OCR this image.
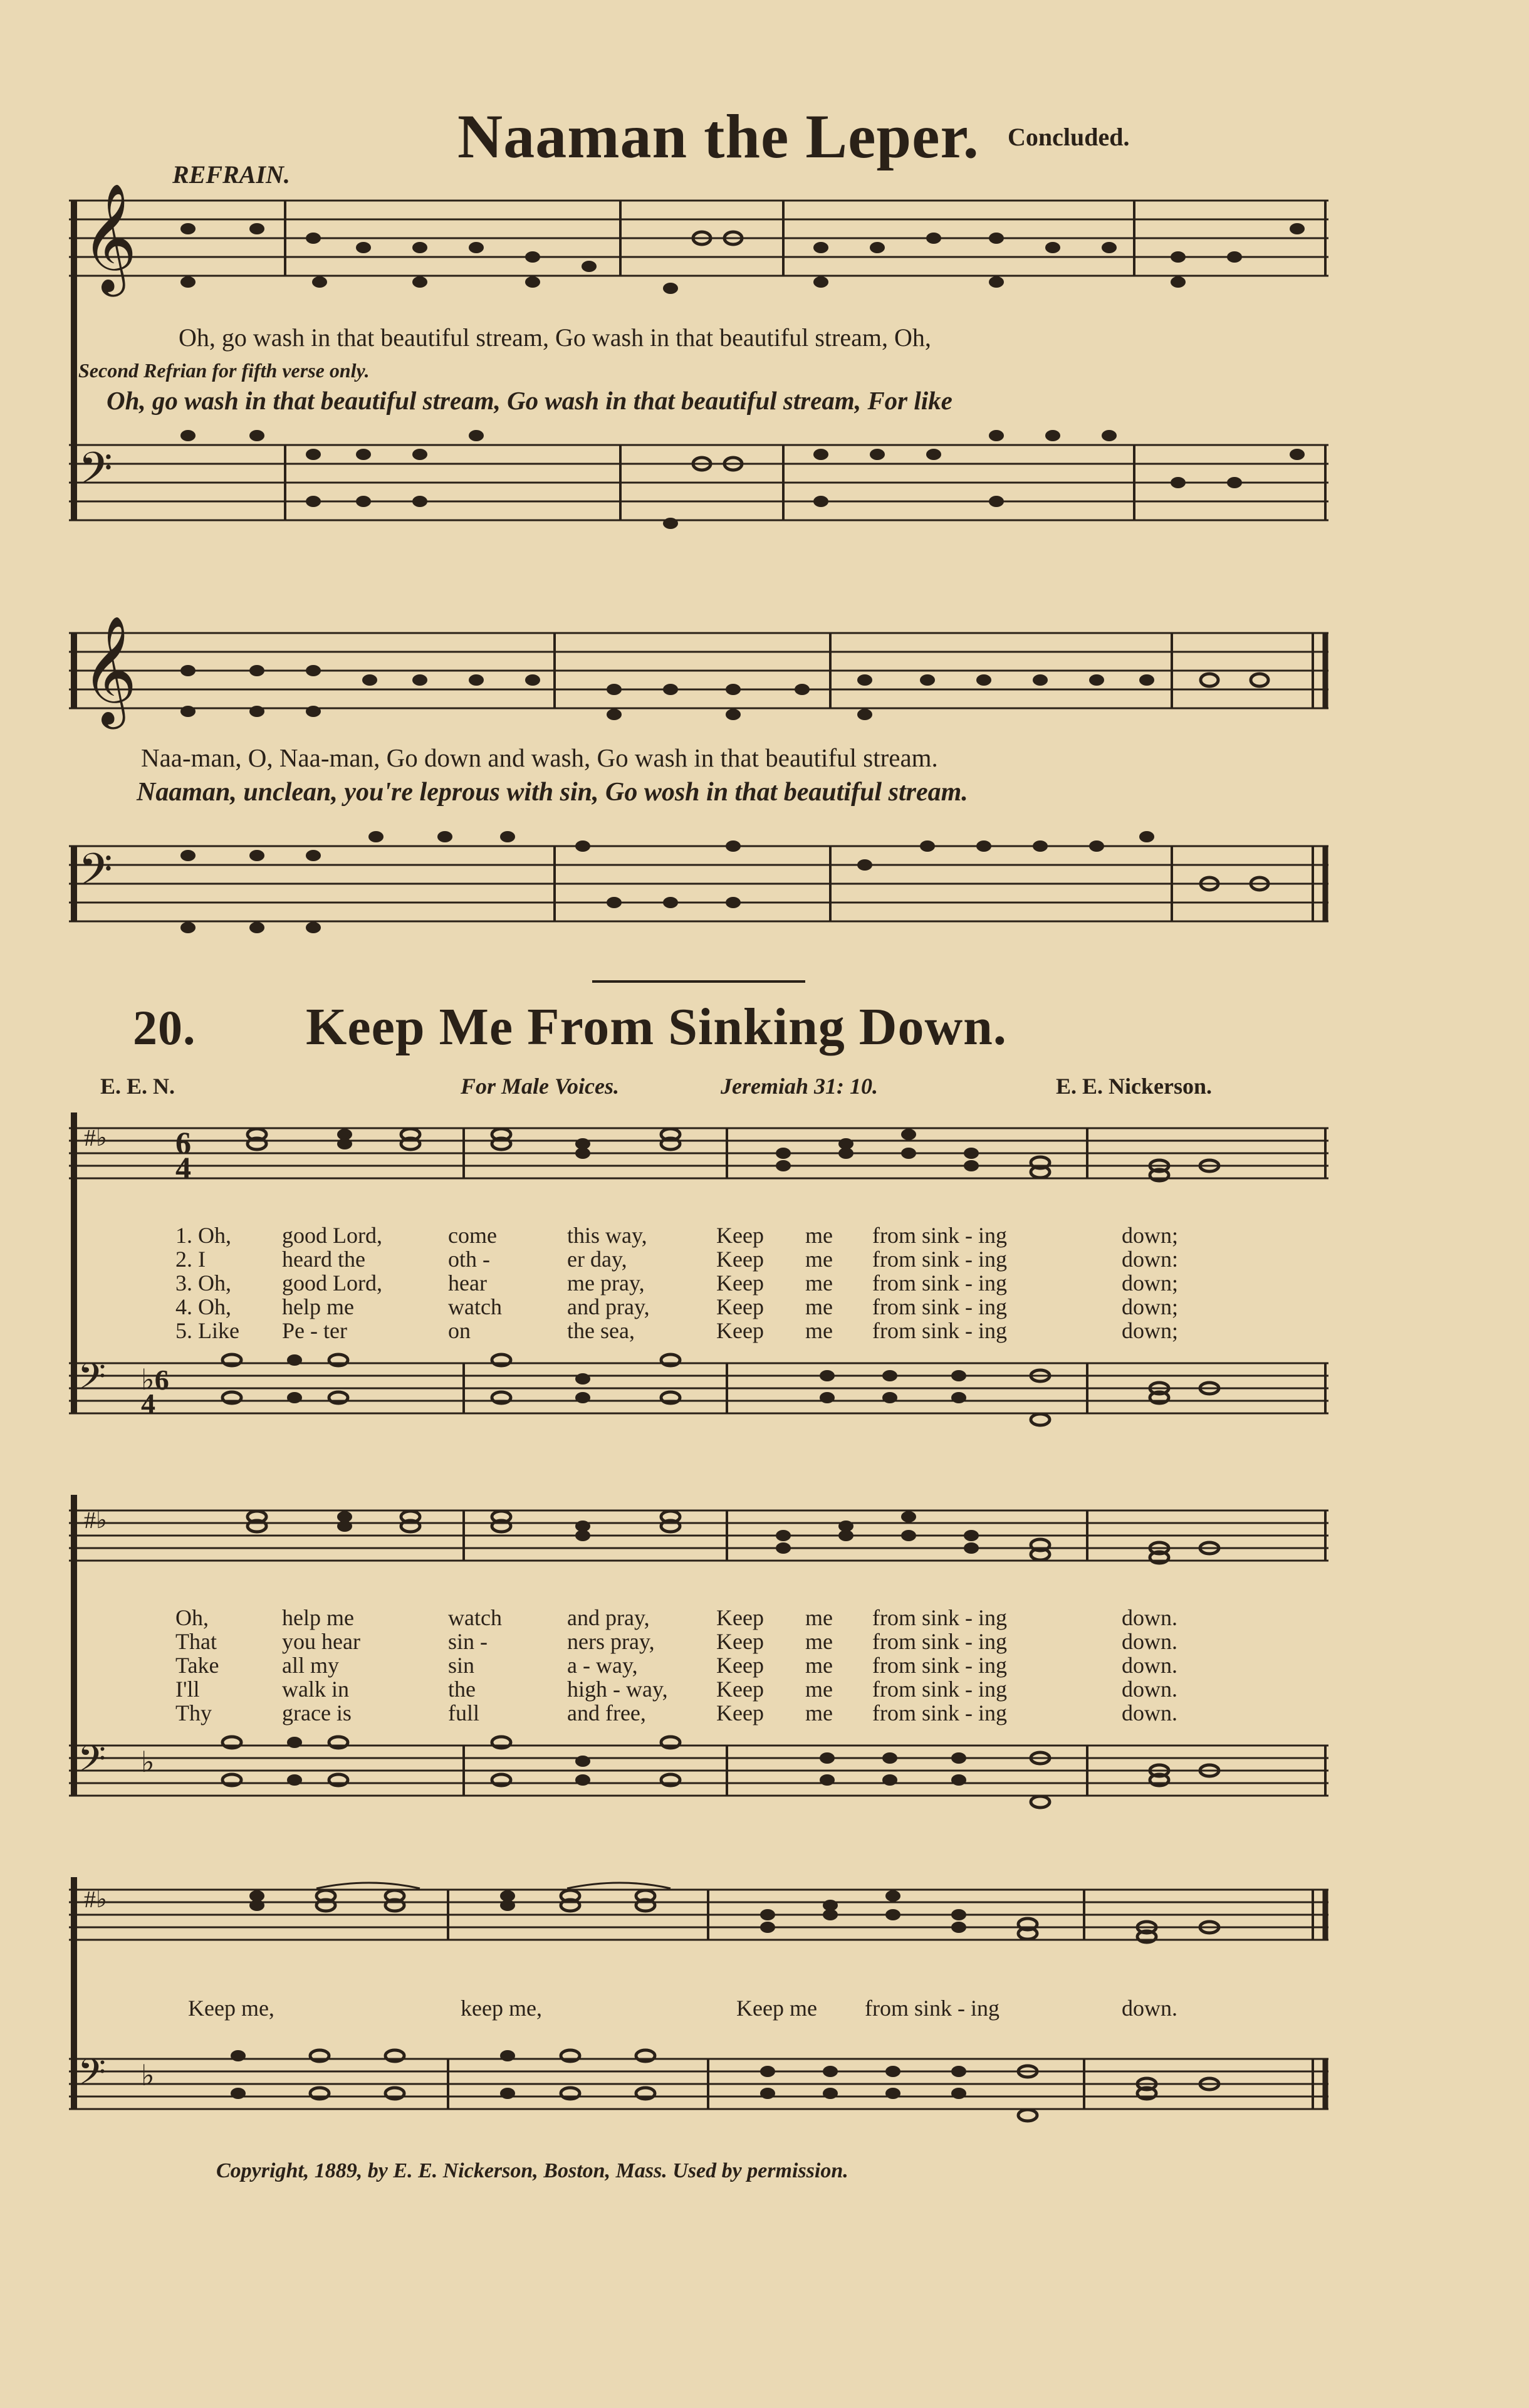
Naaman the Leper. Concluded.
REFRAIN.
𝄞
Oh, go wash in that beautiful stream, Go wash in that beautiful stream, Oh,
Second Refrian for fifth verse only.
Oh, go wash in that beautiful stream, Go wash in that beautiful stream, For like
𝄢
𝄞
Naa-man, O, Naa-man, Go down and wash, Go wash in that beautiful stream.
Naaman, unclean, you're leprous with sin, Go wosh in that beautiful stream.
𝄢
20. Keep Me From Sinking Down.
E. E. N.	For Male Voices.	Jeremiah 31: 10.	E. E. Nickerson.
#♭ 6
4
1. Oh, good Lord,	come	this way,	Keep me from sink - ing	down;
2. I	heard the	oth -	er day,	Keep me from sink - ing	down:
3. Oh, good Lord,	hear	me pray,	Keep me from sink - ing	down;
4. Oh, help me	watch	and pray,	Keep me from sink - ing	down;
5. Like Pe - ter	on	the sea,	Keep me from sink - ing	down;
𝄢 ♭6
4
#♭
Oh,	help me	watch	and pray,	Keep me from sink - ing	down.
That	you hear	sin -	ners pray,	Keep me from sink - ing	down.
Take	all my	sin	a - way,	Keep me from sink - ing	down.
I'll	walk in	the	high - way, Keep me from sink - ing	down.
Thy	grace is	full	and free,	Keep me from sink - ing	down.
𝄢 ♭
#♭
Keep me,	keep me,	Keep me from sink - ing	down.
𝄢 ♭
Copyright, 1889, by E. E. Nickerson, Boston, Mass. Used by permission.
